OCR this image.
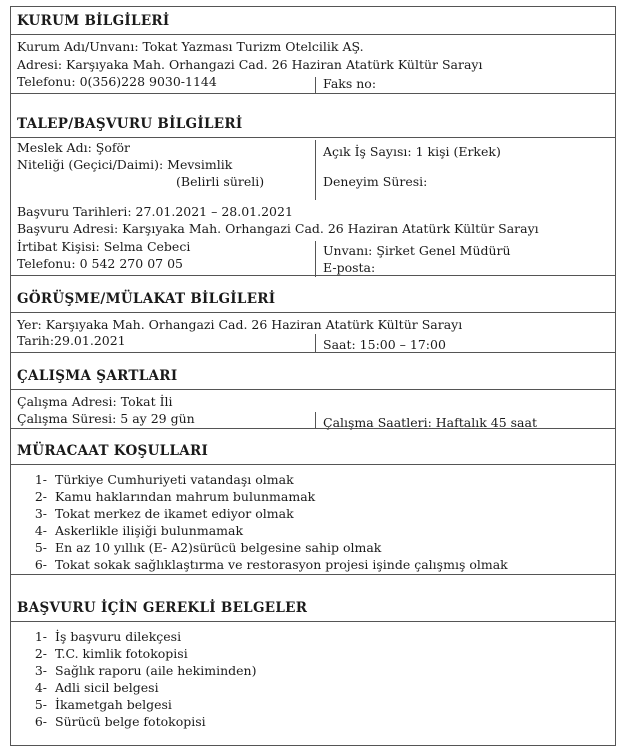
KURUM BİLGİLERİ
Kurum Adı/Unvanı: Tokat Yazması Turizm Otelcilik AŞ.
Adresi: Karşıyaka Mah. Orhangazi Cad. 26 Haziran Atatürk Kültür Sarayı
Telefonu: 0(356)228 9030-1144	Faks no:
TALEP/BAŞVURU BİLGİLERİ
Meslek Adı: Şoför	Açık İş Sayısı: 1 kişi (Erkek)
Niteliği (Geçici/Daimi): Mevsimlik
(Belirli süreli)	Deneyim Süresi:
Başvuru Tarihleri: 27.01.2021 – 28.01.2021
Başvuru Adresi: Karşıyaka Mah. Orhangazi Cad. 26 Haziran Atatürk Kültür Sarayı
İrtibat Kişisi: Selma Cebeci	Unvanı: Şirket Genel Müdürü
Telefonu: 0 542 270 07 05	E-posta:
GÖRÜŞME/MÜLAKAT BİLGİLERİ
Yer: Karşıyaka Mah. Orhangazi Cad. 26 Haziran Atatürk Kültür Sarayı
Tarih:29.01.2021	Saat: 15:00 – 17:00
ÇALIŞMA ŞARTLARI
Çalışma Adresi: Tokat İli
Çalışma Süresi: 5 ay 29 gün	Çalışma Saatleri: Haftalık 45 saat
MÜRACAAT KOŞULLARI
1- Türkiye Cumhuriyeti vatandaşı olmak
2- Kamu haklarından mahrum bulunmamak
3- Tokat merkez de ikamet ediyor olmak
4- Askerlikle ilişiği bulunmamak
5- En az 10 yıllık (E- A2)sürücü belgesine sahip olmak
6- Tokat sokak sağlıklaştırma ve restorasyon projesi işinde çalışmış olmak
BAŞVURU İÇİN GEREKLİ BELGELER
1- İş başvuru dilekçesi
2- T.C. kimlik fotokopisi
3- Sağlık raporu (aile hekiminden)
4- Adli sicil belgesi
5- İkametgah belgesi
6- Sürücü belge fotokopisi
